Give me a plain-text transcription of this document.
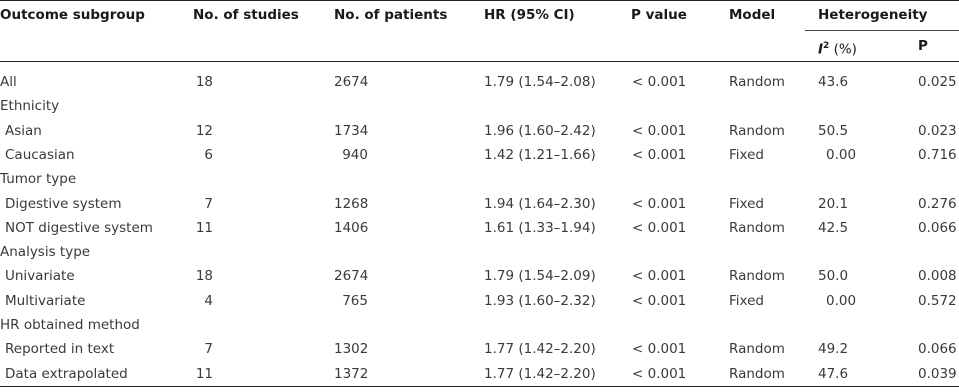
Outcome subgroup	No. of studies	No. of patients	HR (95% CI)	P value	Model	Heterogeneity
$I^2$ (%)	P
All	18	2674	1.79 (1.54–2.08)	< 0.001	Random 43.6	0.025
Ethnicity
Asian	12	1734	1.96 (1.60–2.42)	< 0.001	Random 50.5	0.023
Caucasian	6	940	1.42 (1.21–1.66)	< 0.001	Fixed	0.00	0.716
Tumor type
Digestive system	7	1268	1.94 (1.64–2.30)	< 0.001	Fixed	20.1	0.276
NOT digestive system	11	1406	1.61 (1.33–1.94)	< 0.001	Random 42.5	0.066
Analysis type
Univariate	18	2674	1.79 (1.54–2.09)	< 0.001	Random 50.0	0.008
Multivariate	4	765	1.93 (1.60–2.32)	< 0.001	Fixed	0.00	0.572
HR obtained method
Reported in text	7	1302	1.77 (1.42–2.20)	< 0.001	Random 49.2	0.066
Data extrapolated	11	1372	1.77 (1.42–2.20)	< 0.001	Random 47.6	0.039
